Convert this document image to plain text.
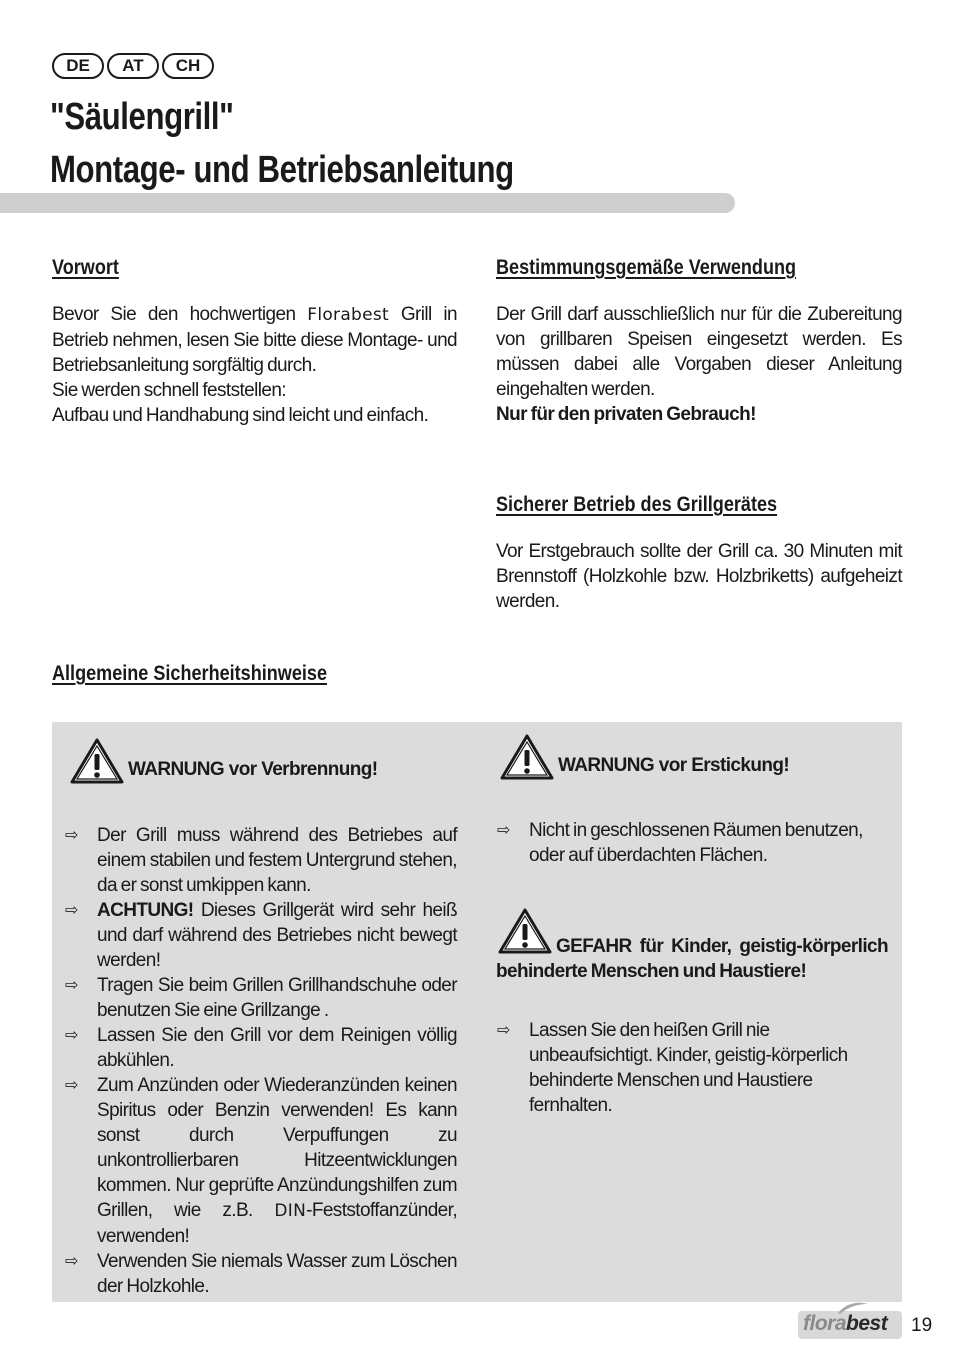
DE	AT	CH
"Säulengrill"
Montage- und Betriebsanleitung
Vorwort
Bevor Sie den hochwertigen Florabest Grill in Betrieb nehmen, lesen Sie bitte diese Montage- und Betriebsanleitung sorgfältig durch.
Sie werden schnell feststellen:
Aufbau und Handhabung sind leicht und einfach.
Bestimmungsgemäße Verwendung
Der Grill darf ausschließlich nur für die Zubereitung von grillbaren Speisen eingesetzt werden. Es müssen dabei alle Vorgaben dieser Anleitung eingehalten werden.
Nur für den privaten Gebrauch!
Sicherer Betrieb des Grillgerätes
Vor Erstgebrauch sollte der Grill ca. 30 Minuten mit Brennstoff (Holzkohle bzw. Holzbriketts) aufgeheizt werden.
Allgemeine Sicherheitshinweise
WARNUNG vor Verbrennung!
⇨	Der Grill muss während des Betriebes auf einem stabilen und festem Untergrund stehen, da er sonst umkippen kann.
⇨	ACHTUNG! Dieses Grillgerät wird sehr heiß und darf während des Betriebes nicht bewegt werden!
⇨	Tragen Sie beim Grillen Grillhandschuhe oder benutzen Sie eine Grillzange .
⇨	Lassen Sie den Grill vor dem Reinigen völlig abkühlen.
⇨	Zum Anzünden oder Wiederanzünden keinen Spiritus oder Benzin verwenden! Es kann sonst durch Verpuffungen zu unkontrollierbaren Hitzeentwicklungen kommen. Nur geprüfte Anzündungshilfen zum Grillen, wie z.B. DIN-Feststoffanzünder, verwenden!
⇨	Verwenden Sie niemals Wasser zum Löschen der Holzkohle.
WARNUNG vor Erstickung!
⇨	Nicht in geschlossenen Räumen benutzen, oder auf überdachten Flächen.
GEFAHR für Kinder, geistig-körperlich behinderte Menschen und Haustiere!
⇨	Lassen Sie den heißen Grill nie unbeaufsichtigt. Kinder, geistig-körperlich behinderte Menschen und Haustiere fernhalten.
florabest 19
